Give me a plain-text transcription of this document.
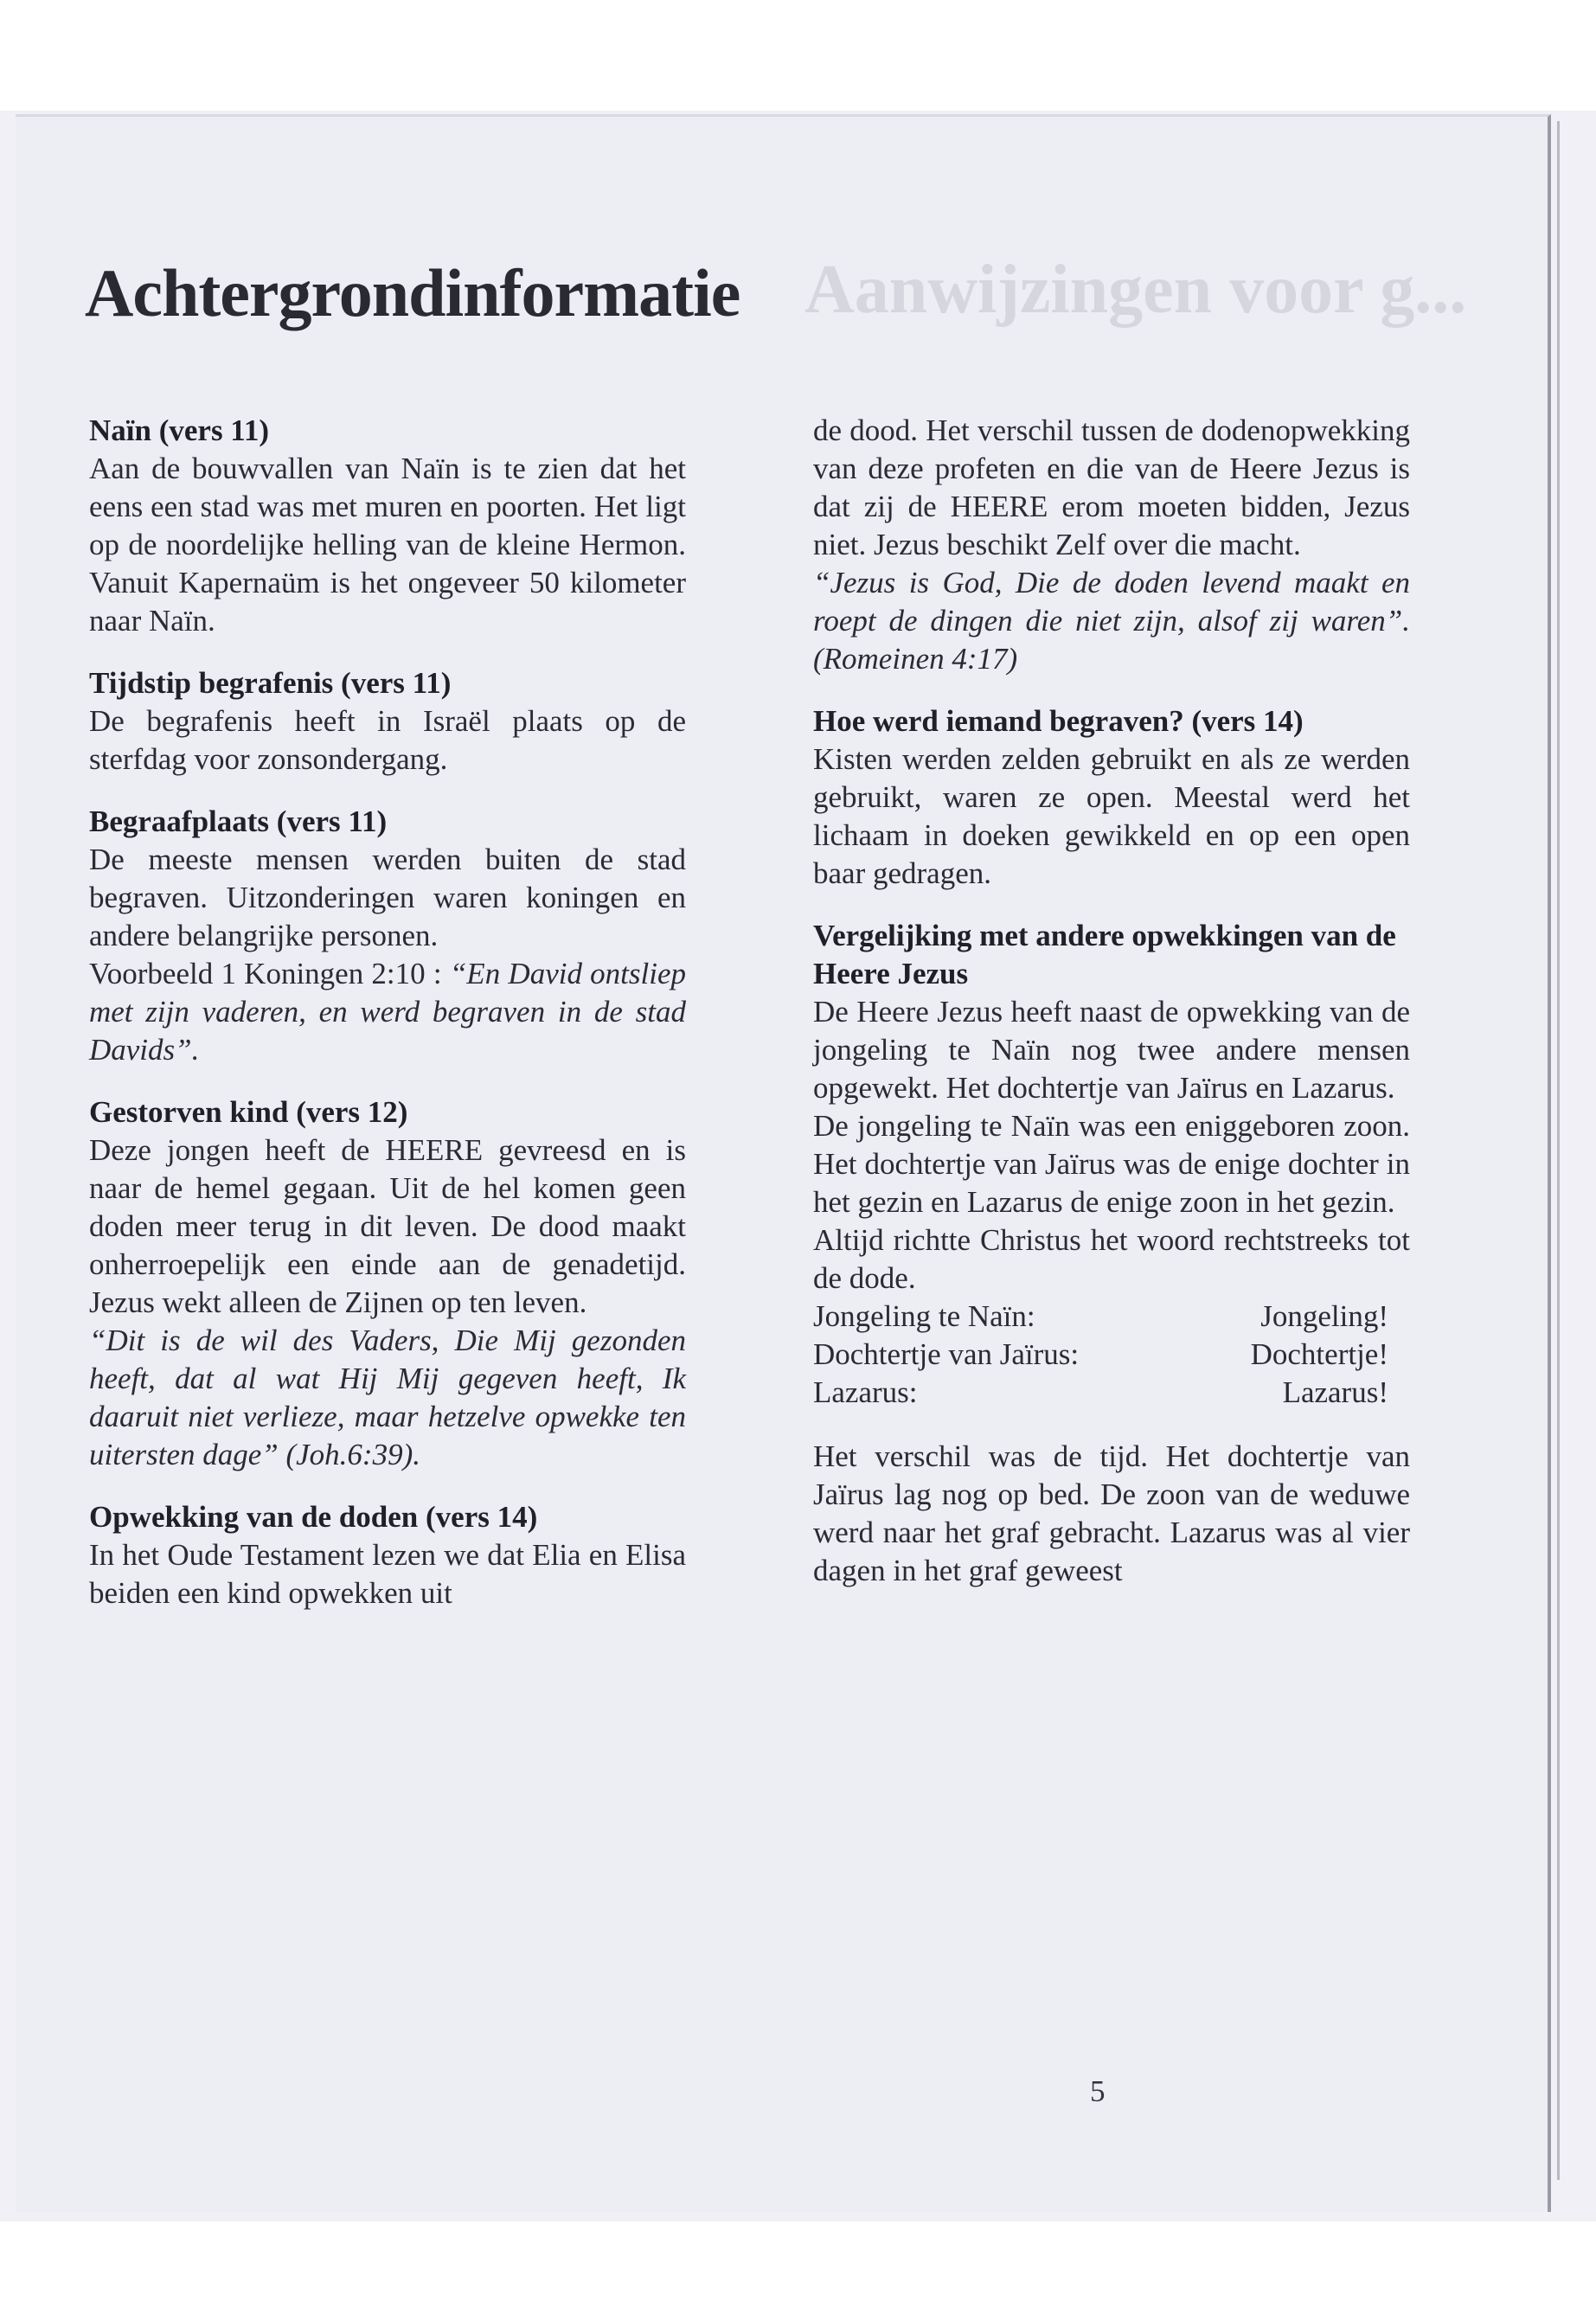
Aanwijzingen voor g...
Achtergrondinformatie
Naïn (vers 11)

Aan de bouwvallen van Naïn is te zien dat het eens een stad was met muren en poorten. Het ligt op de noordelijke helling van de kleine Hermon. Vanuit Kapernaüm is het ongeveer 50 kilometer naar Naïn.

Tijdstip begrafenis (vers 11)

De begrafenis heeft in Israël plaats op de sterfdag voor zonsondergang.

Begraafplaats (vers 11)

De meeste mensen werden buiten de stad begraven. Uitzonderingen waren koningen en andere belangrijke personen.

Voorbeeld 1 Koningen 2:10 : “En David ontsliep met zijn vaderen, en werd begraven in de stad Davids”.

Gestorven kind (vers 12)

Deze jongen heeft de HEERE gevreesd en is naar de hemel gegaan. Uit de hel komen geen doden meer terug in dit leven. De dood maakt onherroepelijk een einde aan de genadetijd. Jezus wekt alleen de Zijnen op ten leven.

“Dit is de wil des Vaders, Die Mij gezonden heeft, dat al wat Hij Mij gegeven heeft, Ik daaruit niet verlieze, maar hetzelve opwekke ten uitersten dage” (Joh.6:39).

Opwekking van de doden (vers 14)

In het Oude Testament lezen we dat Elia en Elisa beiden een kind opwekken uit

de dood. Het verschil tussen de dodenopwekking van deze profeten en die van de Heere Jezus is dat zij de HEERE erom moeten bidden, Jezus niet. Jezus beschikt Zelf over die macht.

“Jezus is God, Die de doden levend maakt en roept de dingen die niet zijn, alsof zij waren”. (Romeinen 4:17)

Hoe werd iemand begraven? (vers 14)

Kisten werden zelden gebruikt en als ze werden gebruikt, waren ze open. Meestal werd het lichaam in doeken gewikkeld en op een open baar gedragen.

Vergelijking met andere opwekkingen van de Heere Jezus

De Heere Jezus heeft naast de opwekking van de jongeling te Naïn nog twee andere mensen opgewekt. Het dochtertje van Jaïrus en Lazarus.

De jongeling te Naïn was een eniggeboren zoon. Het dochtertje van Jaïrus was de enige dochter in het gezin en Lazarus de enige zoon in het gezin.

Altijd richtte Christus het woord rechtstreeks tot de dode.

Jongeling te Naïn:	Jongeling!
Dochtertje van Jaïrus:	Dochtertje!
Lazarus:	Lazarus!

Het verschil was de tijd. Het dochtertje van Jaïrus lag nog op bed. De zoon van de weduwe werd naar het graf gebracht. Lazarus was al vier dagen in het graf geweest

5
